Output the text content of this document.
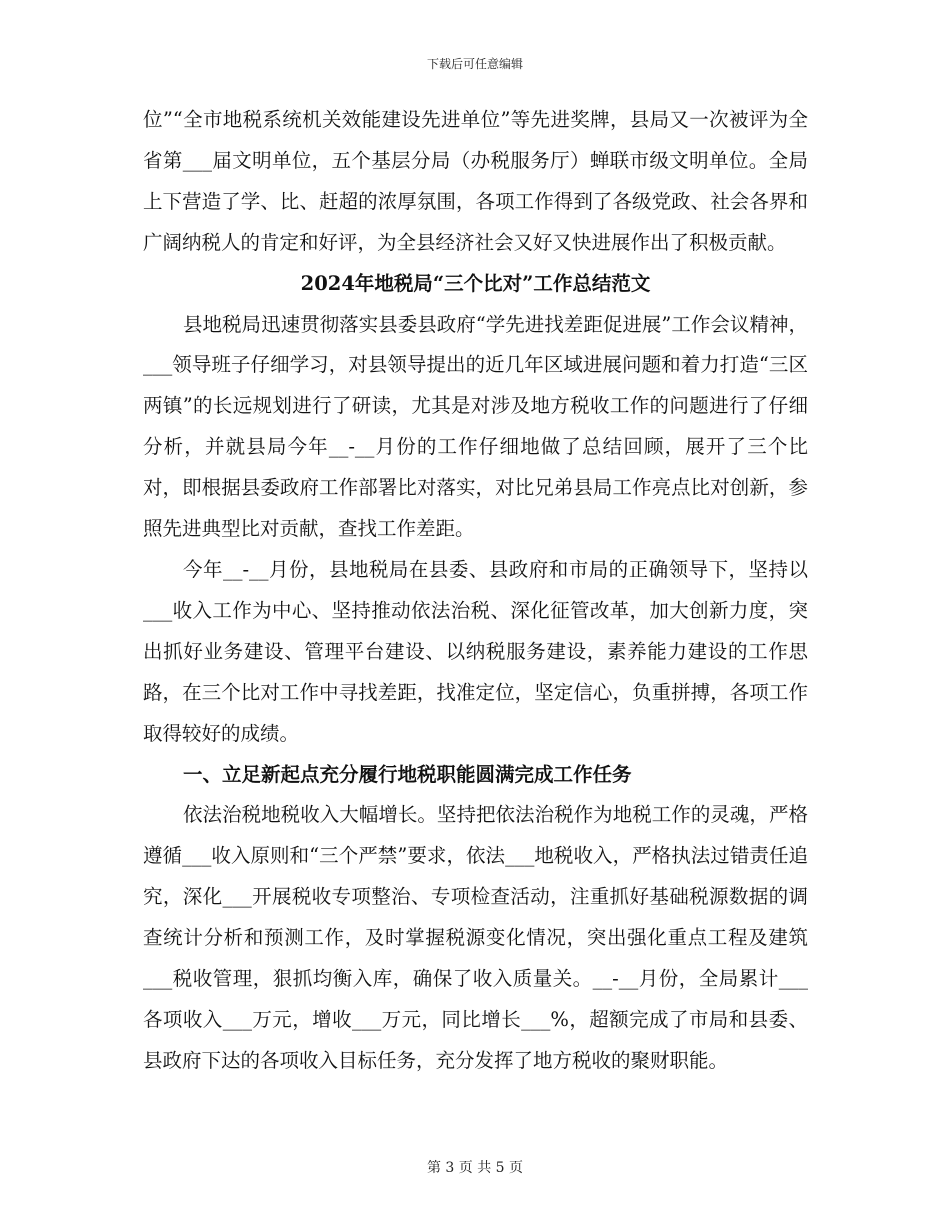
下载后可任意编辑

位”“全市地税系统机关效能建设先进单位”等先进奖牌，县局又一次被评为全省第___届文明单位，五个基层分局（办税服务厅）蝉联市级文明单位。全局上下营造了学、比、赶超的浓厚氛围，各项工作得到了各级党政、社会各界和广阔纳税人的肯定和好评，为全县经济社会又好又快进展作出了积极贡献。

2024年地税局“三个比对”工作总结范文

县地税局迅速贯彻落实县委县政府“学先进找差距促进展”工作会议精神，___领导班子仔细学习，对县领导提出的近几年区域进展问题和着力打造“三区两镇”的长远规划进行了研读，尤其是对涉及地方税收工作的问题进行了仔细分析，并就县局今年__-__月份的工作仔细地做了总结回顾，展开了三个比对，即根据县委政府工作部署比对落实，对比兄弟县局工作亮点比对创新，参照先进典型比对贡献，查找工作差距。

今年__-__月份，县地税局在县委、县政府和市局的正确领导下，坚持以___收入工作为中心、坚持推动依法治税、深化征管改革，加大创新力度，突出抓好业务建设、管理平台建设、以纳税服务建设，素养能力建设的工作思路，在三个比对工作中寻找差距，找准定位，坚定信心，负重拼搏，各项工作取得较好的成绩。

一、立足新起点充分履行地税职能圆满完成工作任务

依法治税地税收入大幅增长。坚持把依法治税作为地税工作的灵魂，严格遵循___收入原则和“三个严禁”要求，依法___地税收入，严格执法过错责任追究，深化___开展税收专项整治、专项检查活动，注重抓好基础税源数据的调查统计分析和预测工作，及时掌握税源变化情况，突出强化重点工程及建筑___税收管理，狠抓均衡入库，确保了收入质量关。__-__月份，全局累计___各项收入___万元，增收___万元，同比增长___%，超额完成了市局和县委、县政府下达的各项收入目标任务，充分发挥了地方税收的聚财职能。

第 3 页 共 5 页
